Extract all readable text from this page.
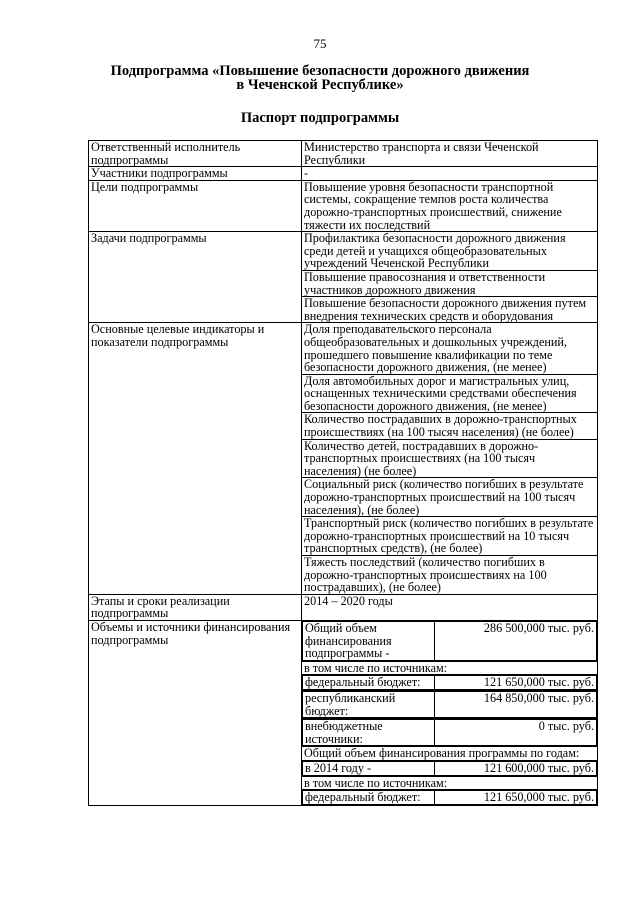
75
Подпрограмма «Повышение безопасности дорожного движения в Чеченской Республике»
Паспорт подпрограммы
Ответственный исполнитель подпрограммы	Министерство транспорта и связи Чеченской Республики
Участники подпрограммы	-
Цели подпрограммы	Повышение уровня безопасности транспортной системы, сокращение темпов роста количества дорожно-транспортных происшествий, снижение тяжести их последствий
Задачи подпрограммы	Профилактика безопасности дорожного движения среди детей и учащихся общеобразовательных учреждений Чеченской Республики
Повышение правосознания и ответственности участников дорожного движения
Повышение безопасности дорожного движения путем внедрения технических средств и оборудования
Основные целевые индикаторы и показатели подпрограммы	Доля преподавательского персонала общеобразовательных и дошкольных учреждений, прошедшего повышение квалификации по теме безопасности дорожного движения, (не менее)
Доля автомобильных дорог и магистральных улиц, оснащенных техническими средствами обеспечения безопасности дорожного движения, (не менее)
Количество пострадавших в дорожно-транспортных происшествиях (на 100 тысяч населения) (не более)
Количество детей, пострадавших в дорожно-транспортных происшествиях (на 100 тысяч населения) (не более)
Социальный риск (количество погибших в результате дорожно-транспортных происшествий на 100 тысяч населения), (не более)
Транспортный риск (количество погибших в результате дорожно-транспортных происшествий на 10 тысяч транспортных средств), (не более)
Тяжесть последствий (количество погибших в дорожно-транспортных происшествиях на 100 пострадавших), (не более)
Этапы и сроки реализации подпрограммы	2014 – 2020 годы
Объемы и источники финансирования подпрограммы	
Общий объем финансирования подпрограммы -	286 500,000 тыс. руб.

в том числе по источникам:

федеральный бюджет:	121 650,000 тыс. руб.

республиканский бюджет:	164 850,000 тыс. руб.

внебюджетные источники:	0 тыс. руб.

Общий объем финансирования программы по годам:

в 2014 году -	121 600,000 тыс. руб.

в том числе по источникам:

федеральный бюджет:	121 650,000 тыс. руб.
